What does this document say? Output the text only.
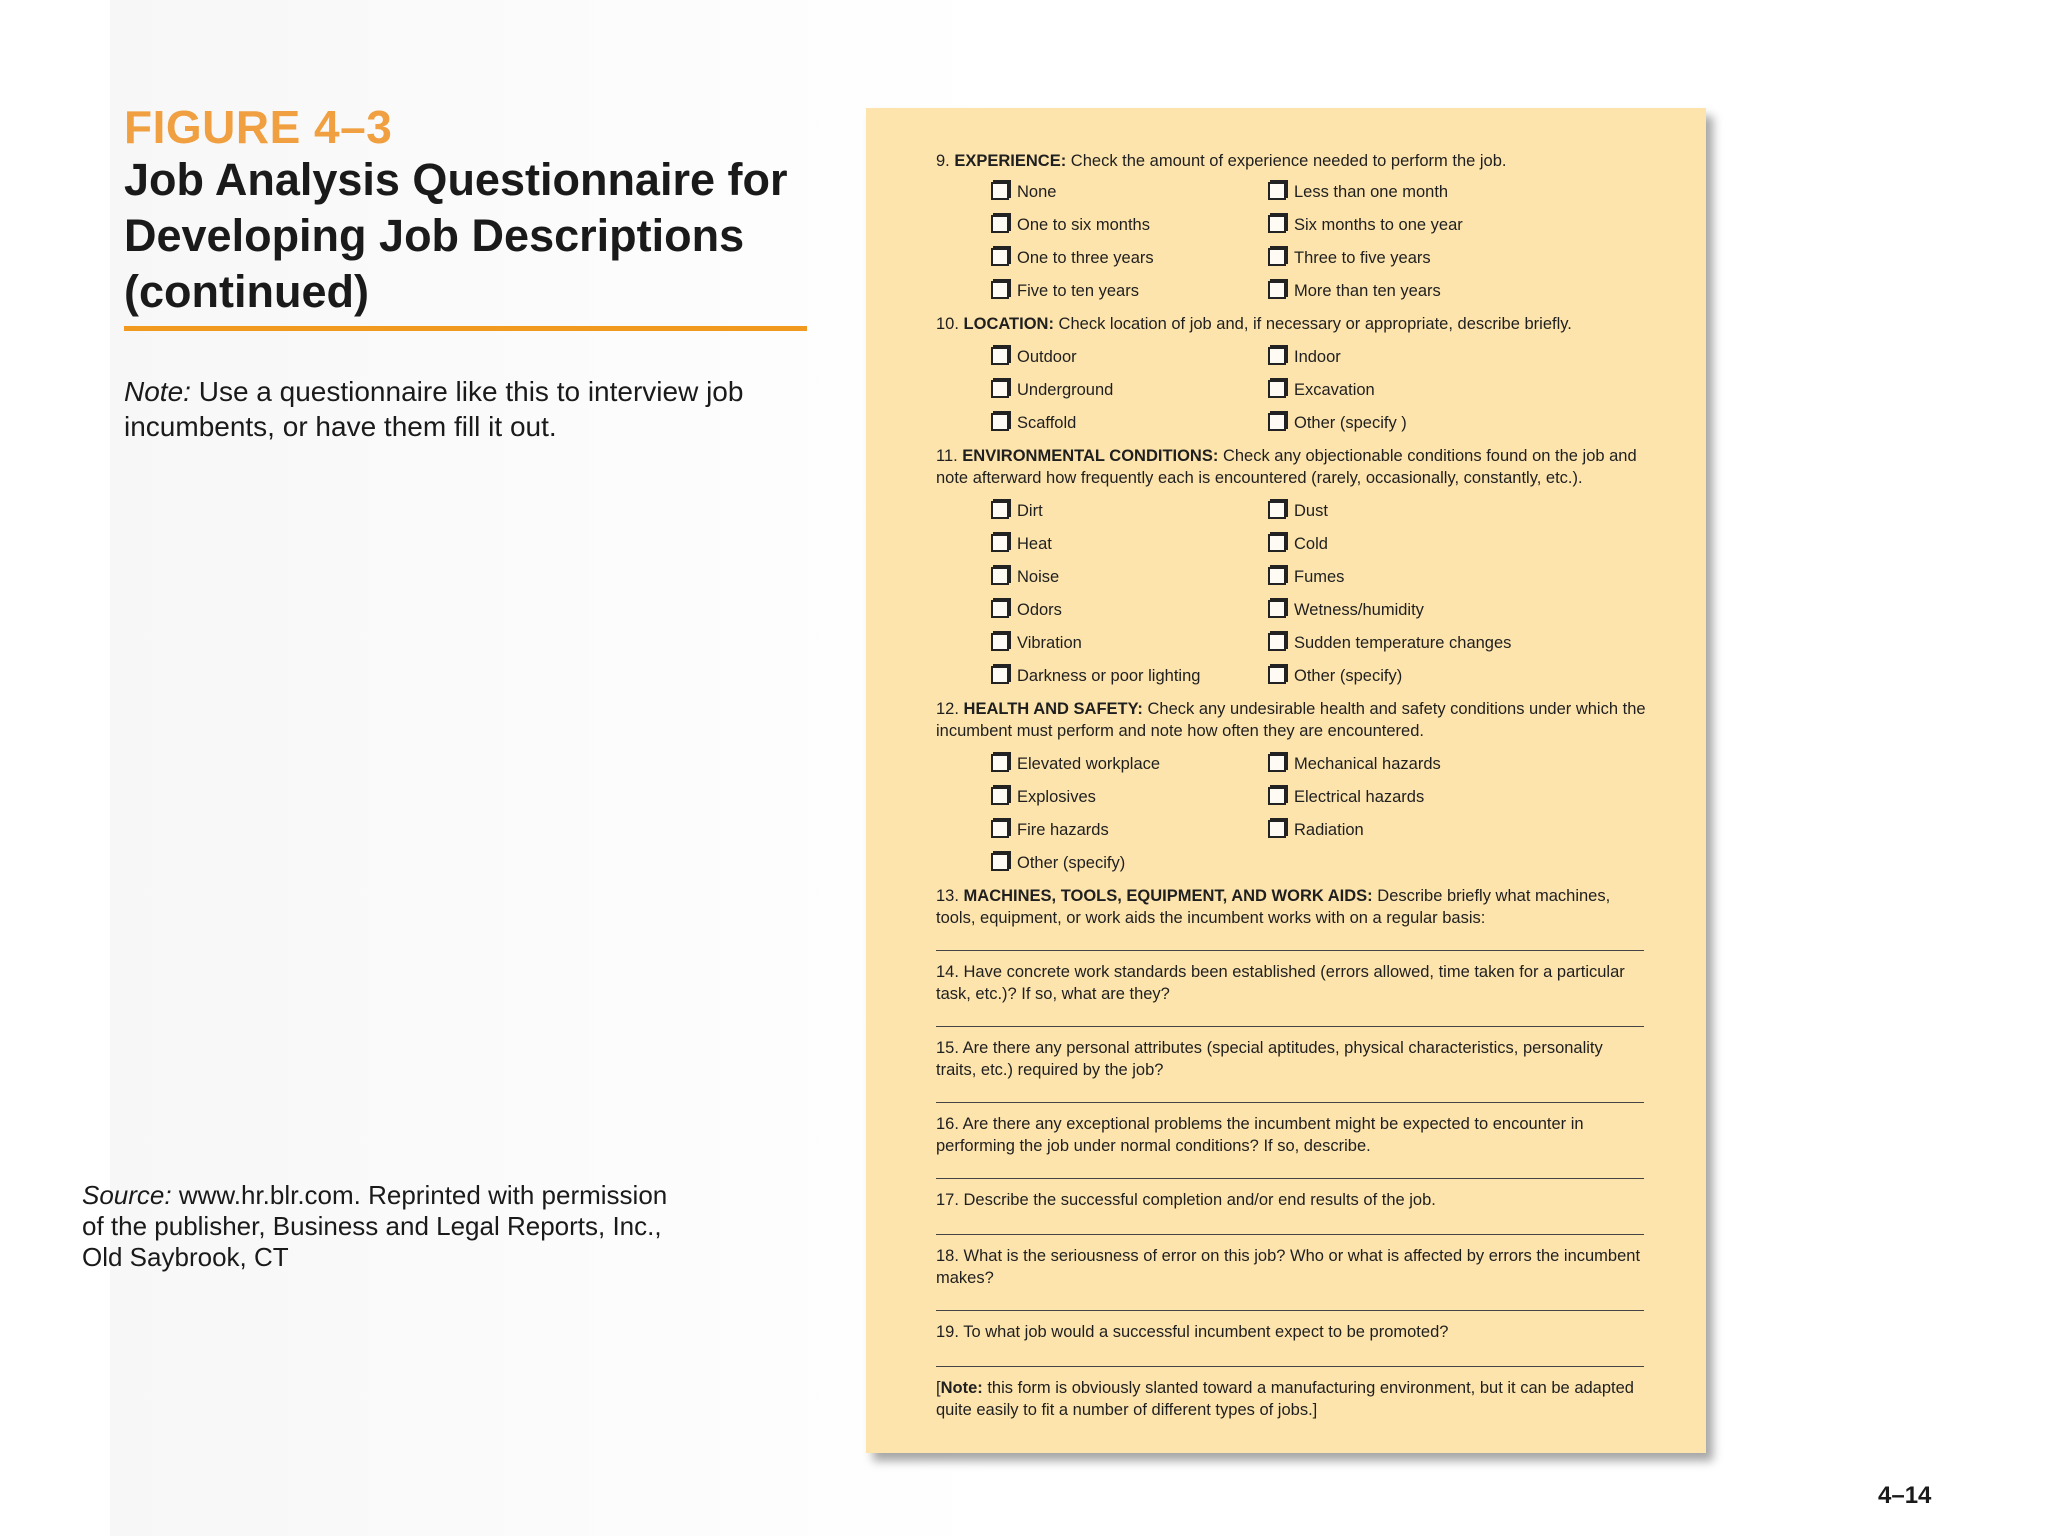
FIGURE 4–3
Job Analysis Questionnaire for Developing Job Descriptions (continued)
Note: Use a questionnaire like this to interview job incumbents, or have them fill it out.
Source: www.hr.blr.com. Reprinted with permission of the publisher, Business and Legal Reports, Inc., Old Saybrook, CT
4–14
9. EXPERIENCE: Check the amount of experience needed to perform the job.
None	Less than one month
One to six months	Six months to one year
One to three years	Three to five years
Five to ten years	More than ten years
10. LOCATION: Check location of job and, if necessary or appropriate, describe briefly.
Outdoor	Indoor
Underground	Excavation
Scaffold	Other (specify )
11. ENVIRONMENTAL CONDITIONS: Check any objectionable conditions found on the job and note afterward how frequently each is encountered (rarely, occasionally, constantly, etc.).
Dirt	Dust
Heat	Cold
Noise	Fumes
Odors	Wetness/humidity
Vibration	Sudden temperature changes
Darkness or poor lighting	Other (specify)
12. HEALTH AND SAFETY: Check any undesirable health and safety conditions under which the incumbent must perform and note how often they are encountered.
Elevated workplace	Mechanical hazards
Explosives	Electrical hazards
Fire hazards	Radiation
Other (specify)
13. MACHINES, TOOLS, EQUIPMENT, AND WORK AIDS: Describe briefly what machines, tools, equipment, or work aids the incumbent works with on a regular basis:
14. Have concrete work standards been established (errors allowed, time taken for a particular task, etc.)? If so, what are they?
15. Are there any personal attributes (special aptitudes, physical characteristics, personality traits, etc.) required by the job?
16. Are there any exceptional problems the incumbent might be expected to encounter in performing the job under normal conditions? If so, describe.
17. Describe the successful completion and/or end results of the job.
18. What is the seriousness of error on this job? Who or what is affected by errors the incumbent makes?
19. To what job would a successful incumbent expect to be promoted?
[Note: this form is obviously slanted toward a manufacturing environment, but it can be adapted quite easily to fit a number of different types of jobs.]
